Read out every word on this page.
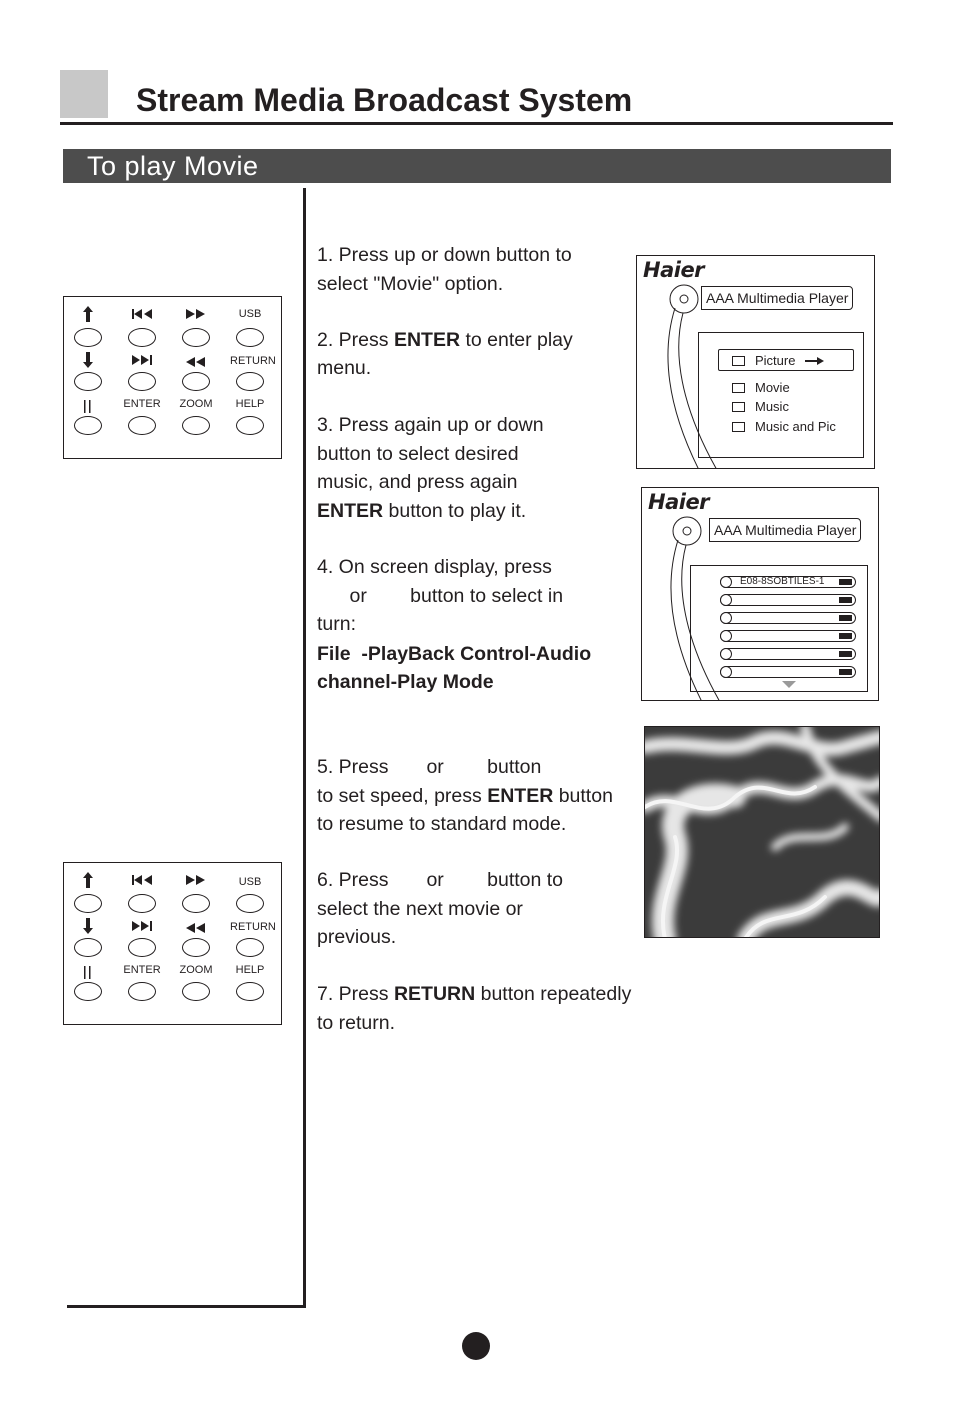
Stream Media Broadcast System
To play Movie
USB
RETURN
ENTER	ZOOM	HELP
USB
RETURN
ENTER	ZOOM	HELP
1. Press up or down button to
select "Movie" option.
2. Press ENTER to enter play
menu.
3. Press again up or down
button to select desired
music, and press again
ENTER button to play it.
4. On screen display, press
or        button to select in
turn:
File  -PlayBack Control-Audio
channel-Play Mode
5. Press       or        button
to set speed, press ENTER button
to resume to standard mode.
6. Press       or        button to
select the next movie or
previous.
7. Press RETURN button repeatedly
to return.
Haier
AAA Multimedia Player
Picture
Movie
Music
Music and Pic
Haier
AAA Multimedia Player
E08-8SOBTILES-1
